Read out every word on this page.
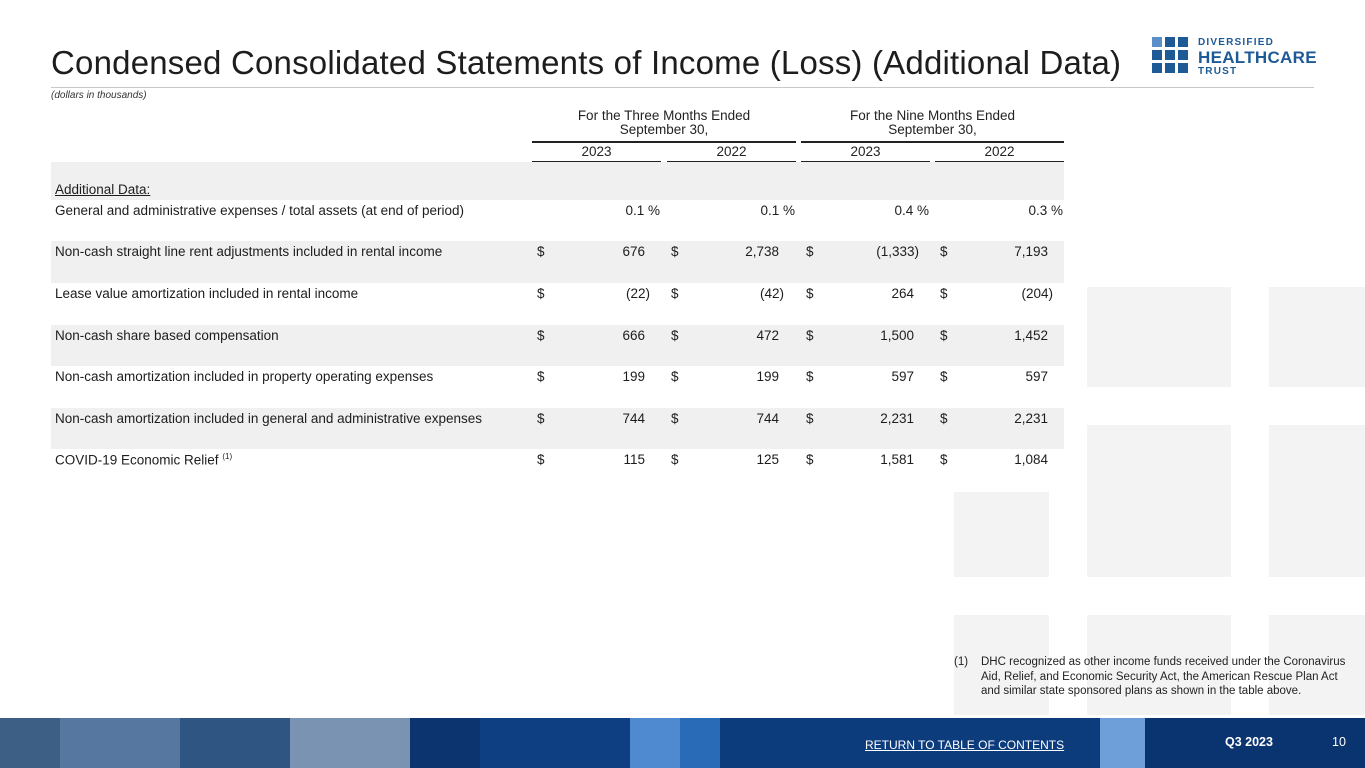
Condensed Consolidated Statements of Income (Loss) (Additional Data)
(dollars in thousands)
DIVERSIFIED
HEALTHCARE
TRUST
For the Three Months Ended
September 30,
For the Nine Months Ended
September 30,
2023	2022	2023	2022
Additional Data:
General and administrative expenses / total assets (at end of period)	0.1 %	0.1 %	0.4 %	0.3 %
Non-cash straight line rent adjustments included in rental income	$	676 $	2,738 $	(1,333) $	7,193
Lease value amortization included in rental income	$	(22) $	(42) $	264 $	(204)
Non-cash share based compensation	$	666 $	472 $	1,500 $	1,452
Non-cash amortization included in property operating expenses	$	199 $	199 $	597 $	597
Non-cash amortization included in general and administrative expenses	$	744 $	744 $	2,231 $	2,231
COVID-19 Economic Relief $^{(1)}$	$	115 $	125 $	1,581 $	1,084
(1) DHC recognized as other income funds received under the Coronavirus Aid, Relief, and Economic Security Act, the American Rescue Plan Act and similar state sponsored plans as shown in the table above.
RETURN TO TABLE OF CONTENTS	Q3 2023	10
